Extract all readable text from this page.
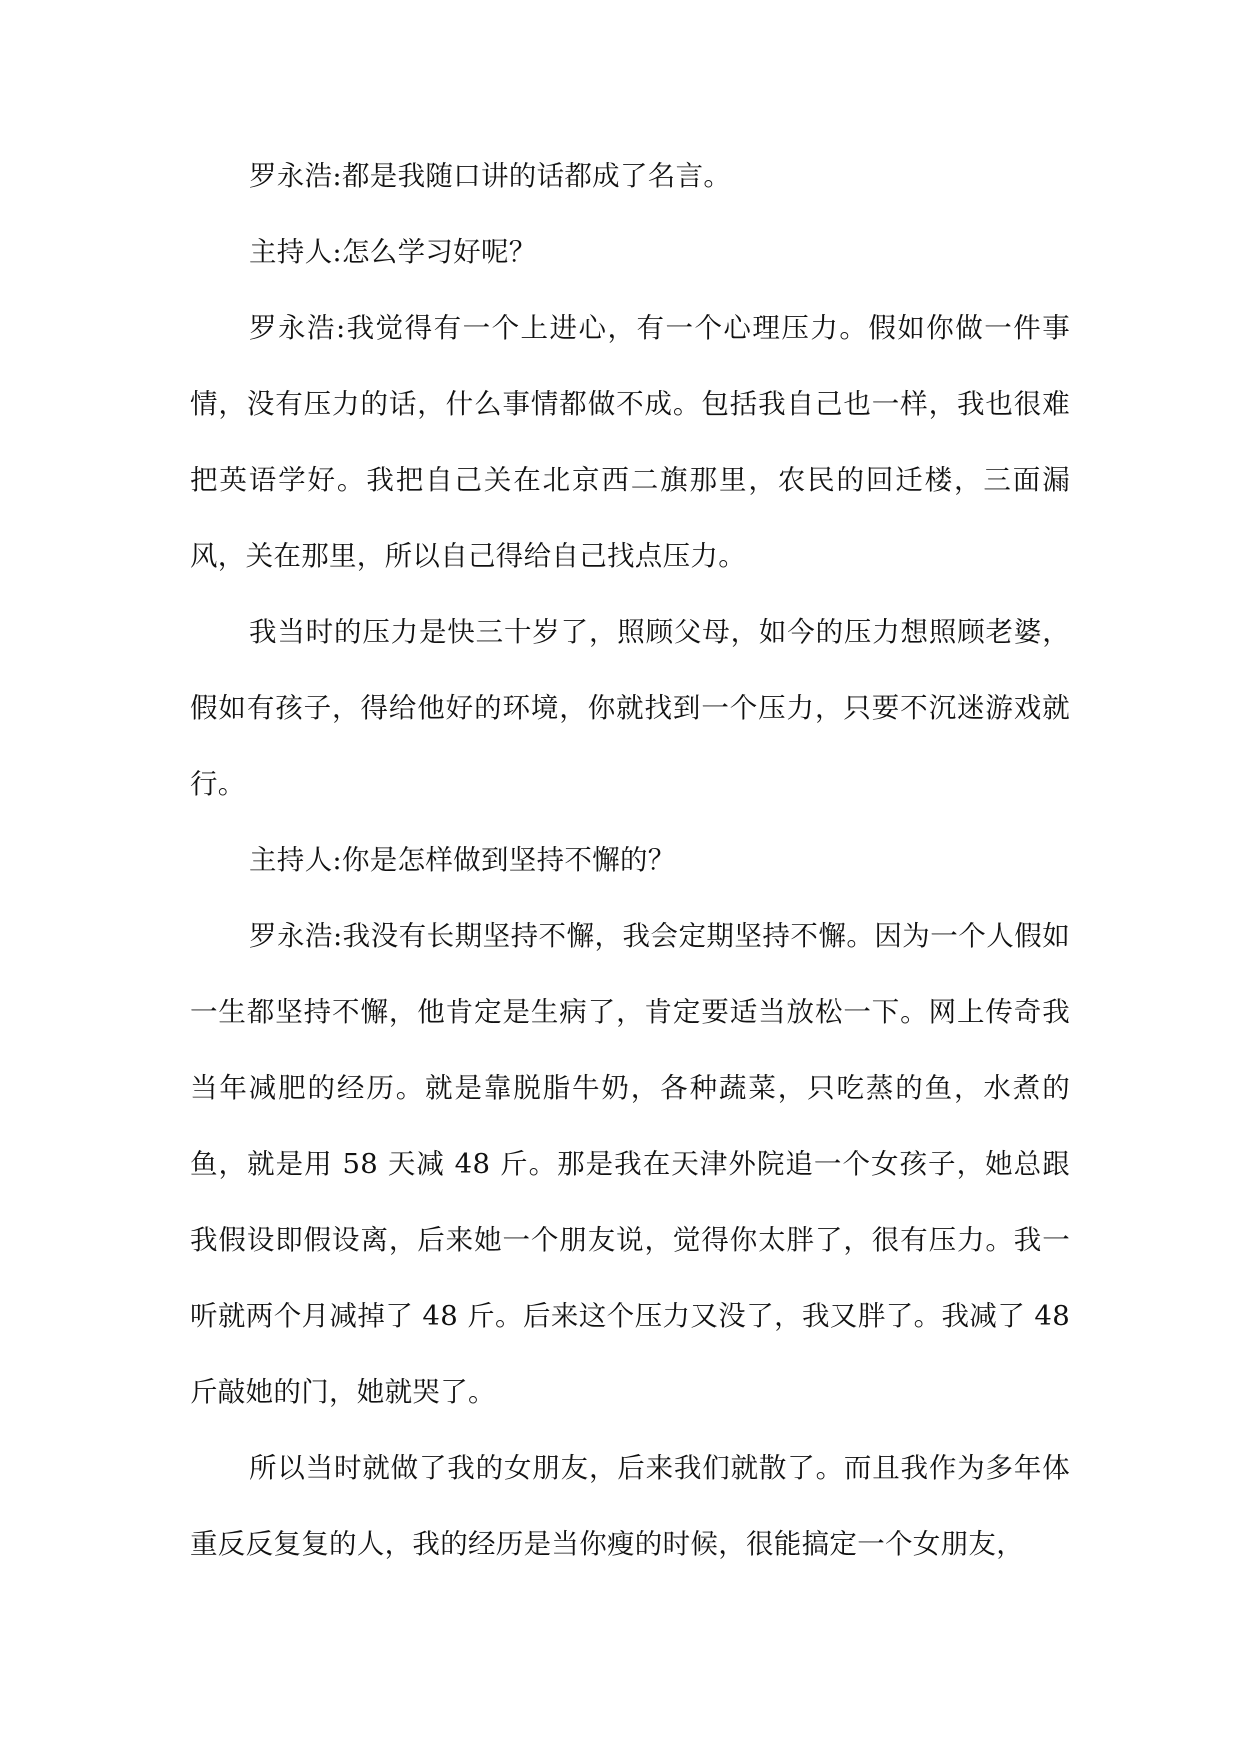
罗永浩:都是我随口讲的话都成了名言。

主持人:怎么学习好呢？

罗永浩:我觉得有一个上进心，有一个心理压力。假如你做一件事情，没有压力的话，什么事情都做不成。包括我自己也一样，我也很难把英语学好。我把自己关在北京西二旗那里，农民的回迁楼，三面漏风，关在那里，所以自己得给自己找点压力。

我当时的压力是快三十岁了，照顾父母，如今的压力想照顾老婆，假如有孩子，得给他好的环境，你就找到一个压力，只要不沉迷游戏就行。

主持人:你是怎样做到坚持不懈的？

罗永浩:我没有长期坚持不懈，我会定期坚持不懈。因为一个人假如一生都坚持不懈，他肯定是生病了，肯定要适当放松一下。网上传奇我当年减肥的经历。就是靠脱脂牛奶，各种蔬菜，只吃蒸的鱼，水煮的鱼，就是用 58 天减 48 斤。那是我在天津外院追一个女孩子，她总跟我假设即假设离，后来她一个朋友说，觉得你太胖了，很有压力。我一听就两个月减掉了 48 斤。后来这个压力又没了，我又胖了。我减了 48 斤敲她的门，她就哭了。

所以当时就做了我的女朋友，后来我们就散了。而且我作为多年体重反反复复的人，我的经历是当你瘦的时候，很能搞定一个女朋友，
